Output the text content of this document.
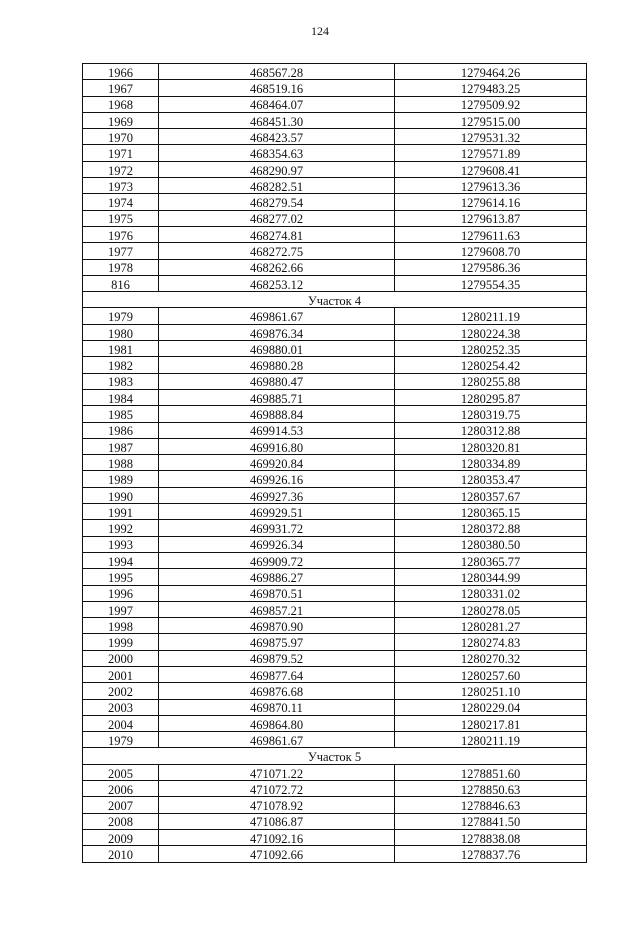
124
1966	468567.28	1279464.26
1967	468519.16	1279483.25
1968	468464.07	1279509.92
1969	468451.30	1279515.00
1970	468423.57	1279531.32
1971	468354.63	1279571.89
1972	468290.97	1279608.41
1973	468282.51	1279613.36
1974	468279.54	1279614.16
1975	468277.02	1279613.87
1976	468274.81	1279611.63
1977	468272.75	1279608.70
1978	468262.66	1279586.36
816	468253.12	1279554.35
Участок 4		
1979	469861.67	1280211.19
1980	469876.34	1280224.38
1981	469880.01	1280252.35
1982	469880.28	1280254.42
1983	469880.47	1280255.88
1984	469885.71	1280295.87
1985	469888.84	1280319.75
1986	469914.53	1280312.88
1987	469916.80	1280320.81
1988	469920.84	1280334.89
1989	469926.16	1280353.47
1990	469927.36	1280357.67
1991	469929.51	1280365.15
1992	469931.72	1280372.88
1993	469926.34	1280380.50
1994	469909.72	1280365.77
1995	469886.27	1280344.99
1996	469870.51	1280331.02
1997	469857.21	1280278.05
1998	469870.90	1280281.27
1999	469875.97	1280274.83
2000	469879.52	1280270.32
2001	469877.64	1280257.60
2002	469876.68	1280251.10
2003	469870.11	1280229.04
2004	469864.80	1280217.81
1979	469861.67	1280211.19
Участок 5		
2005	471071.22	1278851.60
2006	471072.72	1278850.63
2007	471078.92	1278846.63
2008	471086.87	1278841.50
2009	471092.16	1278838.08
2010	471092.66	1278837.76
